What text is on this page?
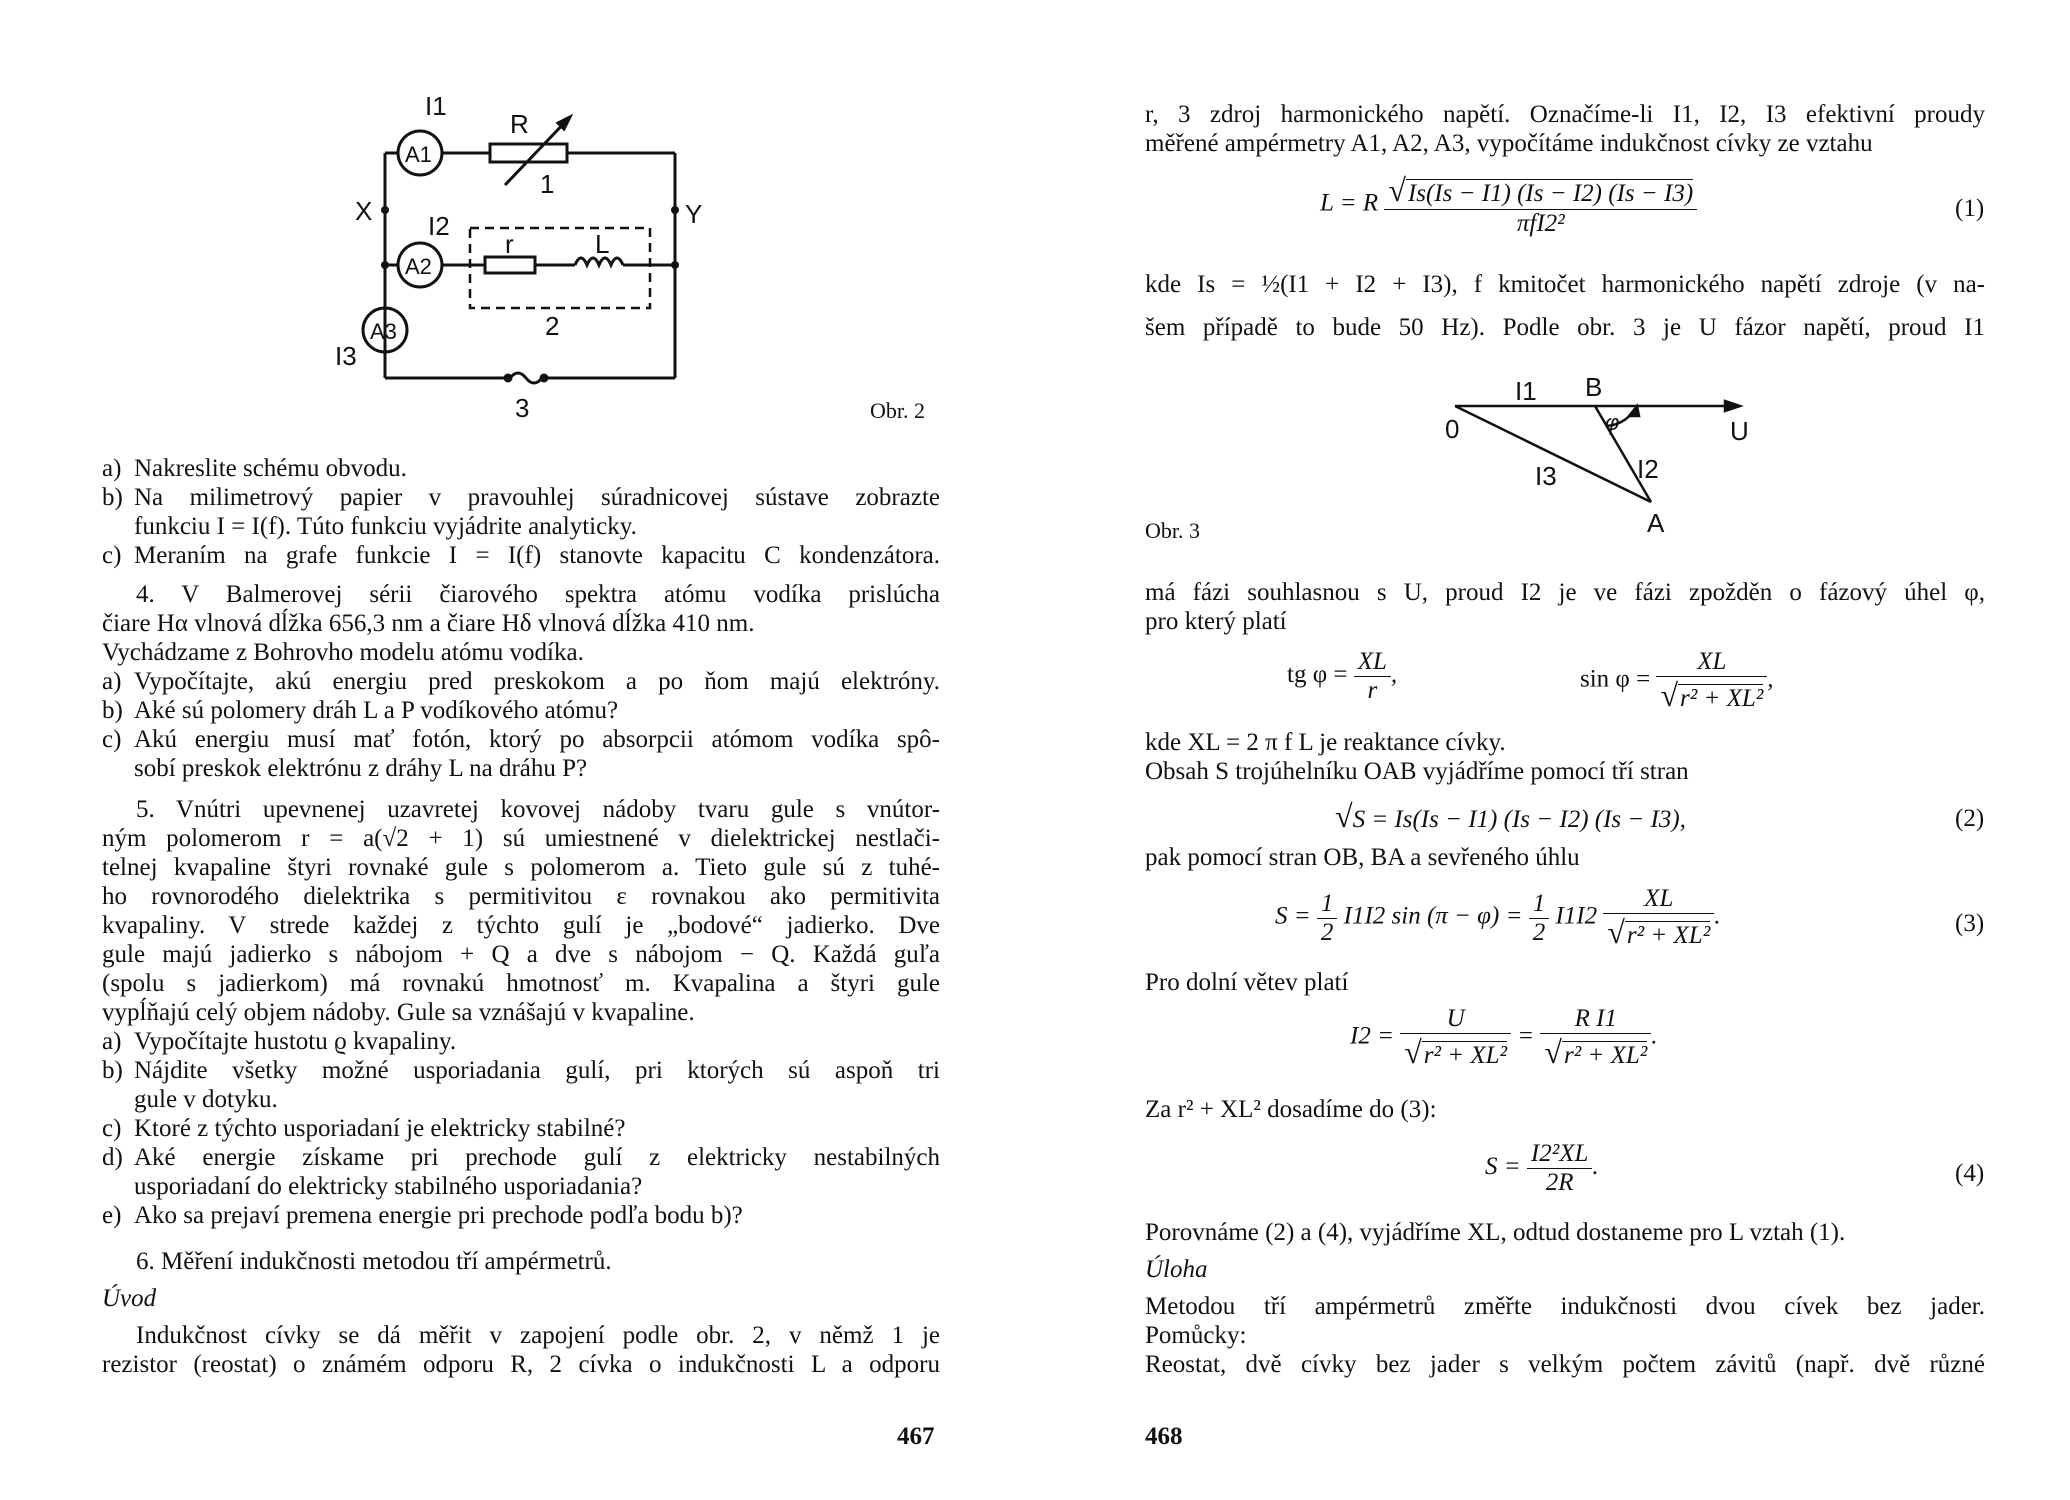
A1
A2
A3
I1
R
1
X	Y
I2
r	L
2
I3
3	Obr. 2
a) Nakreslite schému obvodu.
b) Na milimetrový papier v pravouhlej súradnicovej sústave zobrazte
funkciu I = I(f). Túto funkciu vyjádrite analyticky.
c) Meraním na grafe funkcie I = I(f) stanovte kapacitu C kondenzátora.
4. V Balmerovej sérii čiarového spektra atómu vodíka prislúcha
čiare Hα vlnová dĺžka 656,3 nm a čiare Hδ vlnová dĺžka 410 nm.
Vychádzame z Bohrovho modelu atómu vodíka.
a) Vypočítajte, akú energiu pred preskokom a po ňom majú elektróny.
b) Aké sú polomery dráh L a P vodíkového atómu?
c) Akú energiu musí mať fotón, ktorý po absorpcii atómom vodíka spô-
sobí preskok elektrónu z dráhy L na dráhu P?
5. Vnútri upevnenej uzavretej kovovej nádoby tvaru gule s vnútor-
ným polomerom r = a(√2 + 1) sú umiestnené v dielektrickej nestlači-
telnej kvapaline štyri rovnaké gule s polomerom a. Tieto gule sú z tuhé-
ho rovnorodého dielektrika s permitivitou ε rovnakou ako permitivita
kvapaliny. V strede každej z týchto gulí je „bodové“ jadierko. Dve
gule majú jadierko s nábojom + Q a dve s nábojom − Q. Každá guľa
(spolu s jadierkom) má rovnakú hmotnosť m. Kvapalina a štyri gule
vypĺňajú celý objem nádoby. Gule sa vznášajú v kvapaline.
a) Vypočítajte hustotu ϱ kvapaliny.
b) Nájdite všetky možné usporiadania gulí, pri ktorých sú aspoň tri
gule v dotyku.
c) Ktoré z týchto usporiadaní je elektricky stabilné?
d) Aké energie získame pri prechode gulí z elektricky nestabilných
usporiadaní do elektricky stabilného usporiadania?
e) Ako sa prejaví premena energie pri prechode podľa bodu b)?
6. Měření indukčnosti metodou tří ampérmetrů.
Úvod
Indukčnost cívky se dá měřit v zapojení podle obr. 2, v němž 1 je
rezistor (reostat) o známém odporu R, 2 cívka o indukčnosti L a odporu
467
r, 3 zdroj harmonického napětí. Označíme-li I1, I2, I3 efektivní proudy
měřené ampérmetry A1, A2, A3, vypočítáme indukčnost cívky ze vztahu
L = R $\frac{√Is(Is - I1) (Is - I2) (Is - I3)}{\text{πfI2²}}$	(1)
kde Is = ½(I1 + I2 + I3), f kmitočet harmonického napětí zdroje (v na-
šem případě to bude 50 Hz). Podle obr. 3 je U fázor napětí, proud I1
I1 B
0	φ	U
I3	I2
A
Obr. 3
má fázi souhlasnou s U, proud I2 je ve fázi zpožděn o fázový úhel φ,
pro který platí
tg $\varphi = \frac{XL}{r}$ ,	$\sin \varphi = \frac{XL}{\text{√r² + XL²}}$ ,
kde XL = 2 π f L je reaktance cívky.
Obsah S trojúhelníku OAB vyjádříme pomocí tří stran
√S = Is(Is − I1) (Is − I2) (Is − I3),	(2)
pak pomocí stran OB, BA a sevřeného úhlu
$S = \frac{1}{2} I1I2$ $\sin (\pi - \varphi) = \frac{1}{2} I1I2 \frac{XL}{\text{√r² + XL²}}$ .	(3)
Pro dolní větev platí
$I2 = \frac{U}{\text{√r² + XL²}} = \frac{\text{R I1}}{\text{√r² + XL²}}$ .
Za r² + XL² dosadíme do (3):
$S = \frac{\text{I2²XL}}{2R}$ .	(4)
Porovnáme (2) a (4), vyjádříme XL, odtud dostaneme pro L vztah (1).
Úloha
Metodou tří ampérmetrů změřte indukčnosti dvou cívek bez jader.
Pomůcky:
Reostat, dvě cívky bez jader s velkým počtem závitů (např. dvě různé
468
